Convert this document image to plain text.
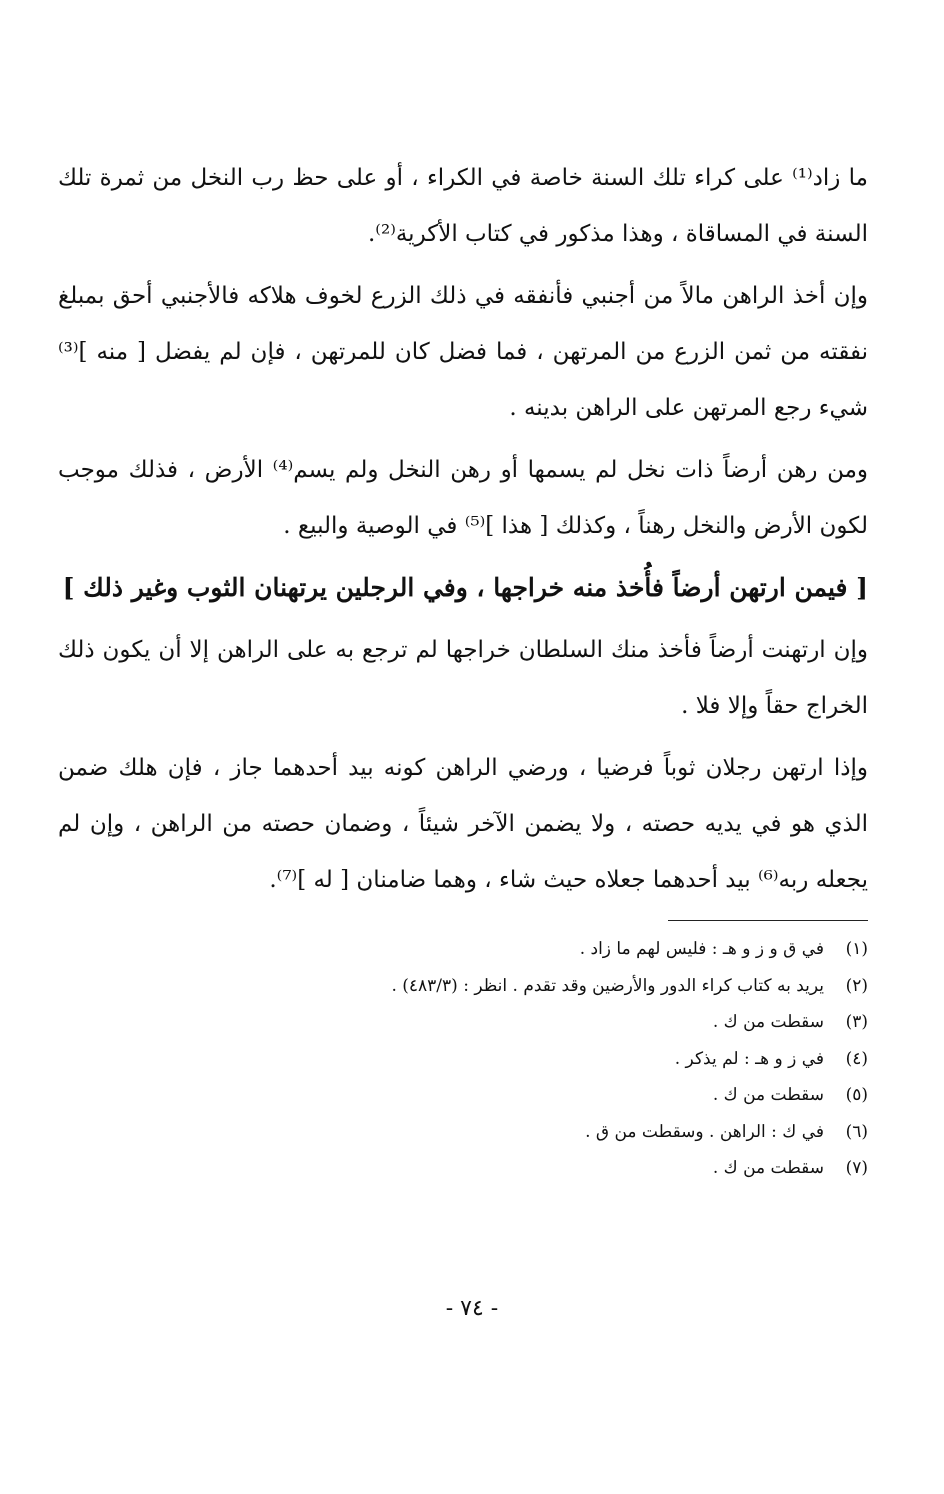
ما زاد⁽¹⁾ على كراء تلك السنة خاصة في الكراء ، أو على حظ رب النخل من ثمرة تلك السنة في المساقاة ، وهذا مذكور في كتاب الأكرية⁽²⁾.

وإن أخذ الراهن مالاً من أجنبي فأنفقه في ذلك الزرع لخوف هلاكه فالأجنبي أحق بمبلغ نفقته من ثمن الزرع من المرتهن ، فما فضل كان للمرتهن ، فإن لم يفضل [ منه ]⁽³⁾ شيء رجع المرتهن على الراهن بدينه .

ومن رهن أرضاً ذات نخل لم يسمها أو رهن النخل ولم يسم⁽⁴⁾ الأرض ، فذلك موجب لكون الأرض والنخل رهناً ، وكذلك [ هذا ]⁽⁵⁾ في الوصية والبيع .

[ فيمن ارتهن أرضاً فأُخذ منه خراجها ، وفي الرجلين يرتهنان الثوب وغير ذلك ]

وإن ارتهنت أرضاً فأخذ منك السلطان خراجها لم ترجع به على الراهن إلا أن يكون ذلك الخراج حقاً وإلا فلا .

وإذا ارتهن رجلان ثوباً فرضيا ، ورضي الراهن كونه بيد أحدهما جاز ، فإن هلك ضمن الذي هو في يديه حصته ، ولا يضمن الآخر شيئاً ، وضمان حصته من الراهن ، وإن لم يجعله ربه⁽⁶⁾ بيد أحدهما جعلاه حيث شاء ، وهما ضامنان [ له ]⁽⁷⁾.

(١)
في ق و ز و هـ : فليس لهم ما زاد .
(٢)
يريد به كتاب كراء الدور والأرضين وقد تقدم . انظر : (٤٨٣/٣) .
(٣)
سقطت من ك .
(٤)
في ز و هـ : لم يذكر .
(٥)
سقطت من ك .
(٦)
في ك : الراهن . وسقطت من ق .
(٧)
سقطت من ك .
- ٧٤ -
